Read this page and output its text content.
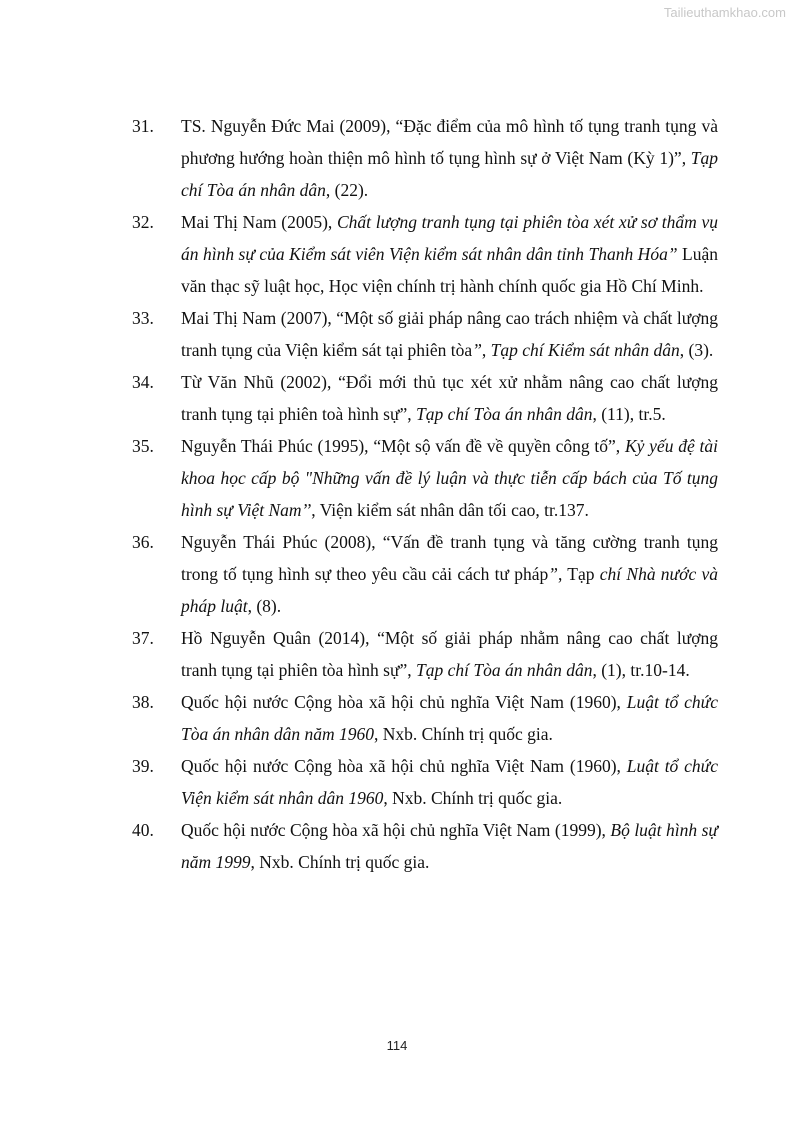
Tailieuthamkhao.com
31. TS. Nguyễn Đức Mai (2009), “Đặc điểm của mô hình tố tụng tranh tụng và phương hướng hoàn thiện mô hình tố tụng hình sự ở Việt Nam (Kỳ 1)”, Tạp chí Tòa án nhân dân, (22).
32. Mai Thị Nam (2005), Chất lượng tranh tụng tại phiên tòa xét xử sơ thẩm vụ án hình sự của Kiểm sát viên Viện kiểm sát nhân dân tỉnh Thanh Hóa” Luận văn thạc sỹ luật học, Học viện chính trị hành chính quốc gia Hồ Chí Minh.
33. Mai Thị Nam (2007), “Một số giải pháp nâng cao trách nhiệm và chất lượng tranh tụng của Viện kiểm sát tại phiên tòa”, Tạp chí Kiểm sát nhân dân, (3).
34. Từ Văn Nhũ (2002), “Đổi mới thủ tục xét xử nhằm nâng cao chất lượng tranh tụng tại phiên toà hình sự”, Tạp chí Tòa án nhân dân, (11), tr.5.
35. Nguyễn Thái Phúc (1995), “Một sộ vấn đề về quyền công tố”, Kỷ yếu đệ tài khoa học cấp bộ "Những vấn đề lý luận và thực tiễn cấp bách của Tố tụng hình sự Việt Nam’’, Viện kiểm sát nhân dân tối cao, tr.137.
36. Nguyễn Thái Phúc (2008), “Vấn đề tranh tụng và tăng cường tranh tụng trong tố tụng hình sự theo yêu cầu cải cách tư pháp”, Tạp chí Nhà nước và pháp luật, (8).
37. Hồ Nguyễn Quân (2014), “Một số giải pháp nhằm nâng cao chất lượng tranh tụng tại phiên tòa hình sự”, Tạp chí Tòa án nhân dân, (1), tr.10-14.
38. Quốc hội nước Cộng hòa xã hội chủ nghĩa Việt Nam (1960), Luật tổ chức Tòa án nhân dân năm 1960, Nxb. Chính trị quốc gia.
39. Quốc hội nước Cộng hòa xã hội chủ nghĩa Việt Nam (1960), Luật tổ chức Viện kiểm sát nhân dân 1960, Nxb. Chính trị quốc gia.
40. Quốc hội nước Cộng hòa xã hội chủ nghĩa Việt Nam (1999), Bộ luật hình sự năm 1999, Nxb. Chính trị quốc gia.
114
